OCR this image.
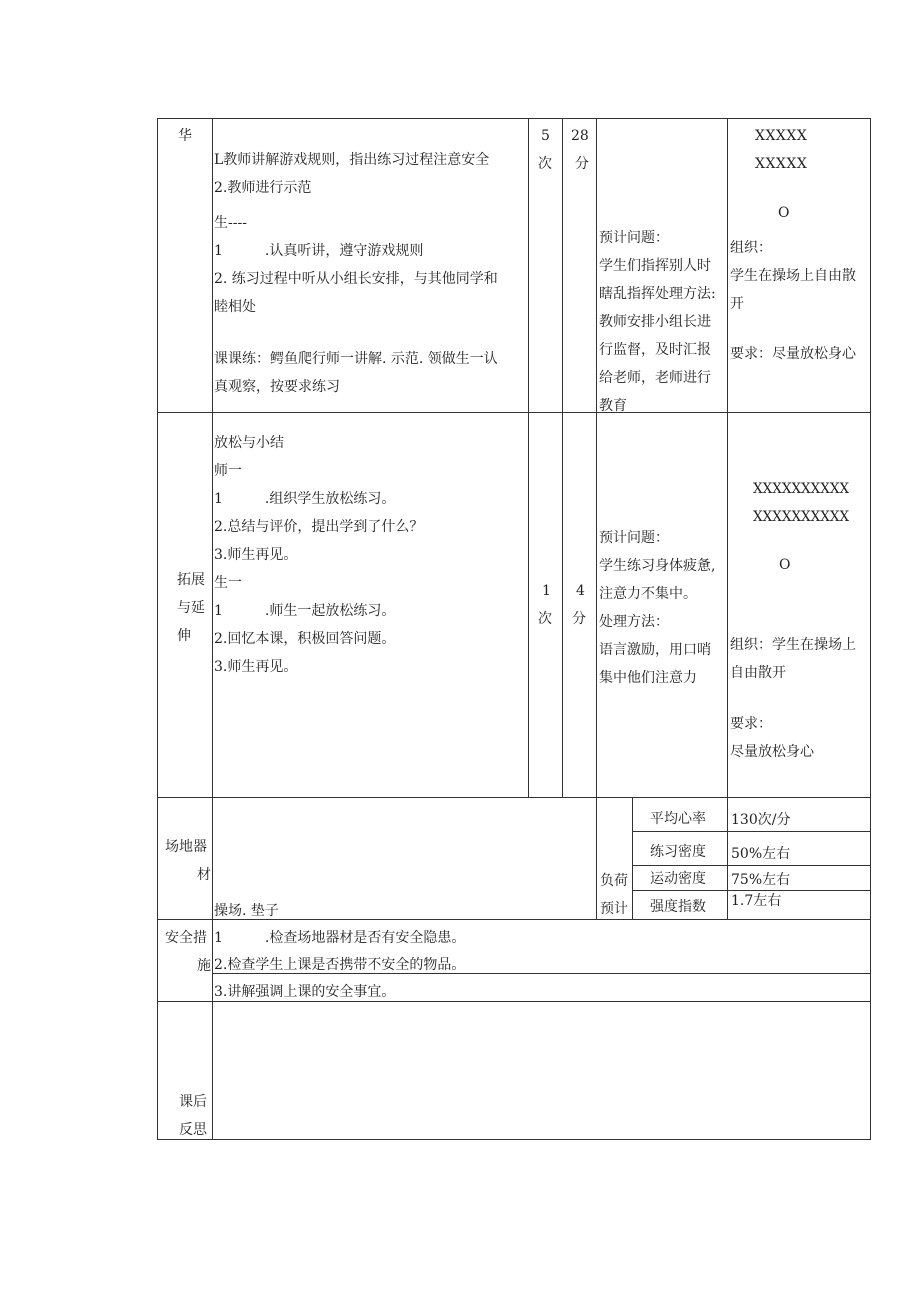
华
L教师讲解游戏规则，指出练习过程注意安全
2.教师进行示范
生----
1　　　.认真听讲，遵守游戏规则
2. 练习过程中听从小组长安排，与其他同学和
睦相处
课课练：鳄鱼爬行师一讲解. 示范. 领做生一认
真观察，按要求练习
5
次
28
分
预计问题：
学生们指挥别人时
瞎乱指挥处理方法:
教师安排小组长进
行监督，及时汇报
给老师，老师进行
教育
XXXXX
XXXXX
O
组织：
学生在操场上自由散
开
要求：尽量放松身心
拓展
与延
伸
放松与小结
师一
1　　　.组织学生放松练习。
2.总结与评价，提出学到了什么？
3.师生再见。
生一
1　　　.师生一起放松练习。
2.回忆本课，积极回答问题。
3.师生再见。
1
次
4
分
预计问题：
学生练习身体疲惫,
注意力不集中。
处理方法：
语言激励，用口哨
集中他们注意力
XXXXXXXXXX
XXXXXXXXXX
O
组织：学生在操场上
自由散开
要求：
尽量放松身心
场地器
材
操场. 垫子
负荷
预计
平均心率 130次/分
练习密度 50%左右
运动密度 75%左右
强度指数 1.7左右
安全措
施
1　　　.检查场地器材是否有安全隐患。
2.检查学生上课是否携带不安全的物品。
3.讲解强调上课的安全事宜。
课后
反思
